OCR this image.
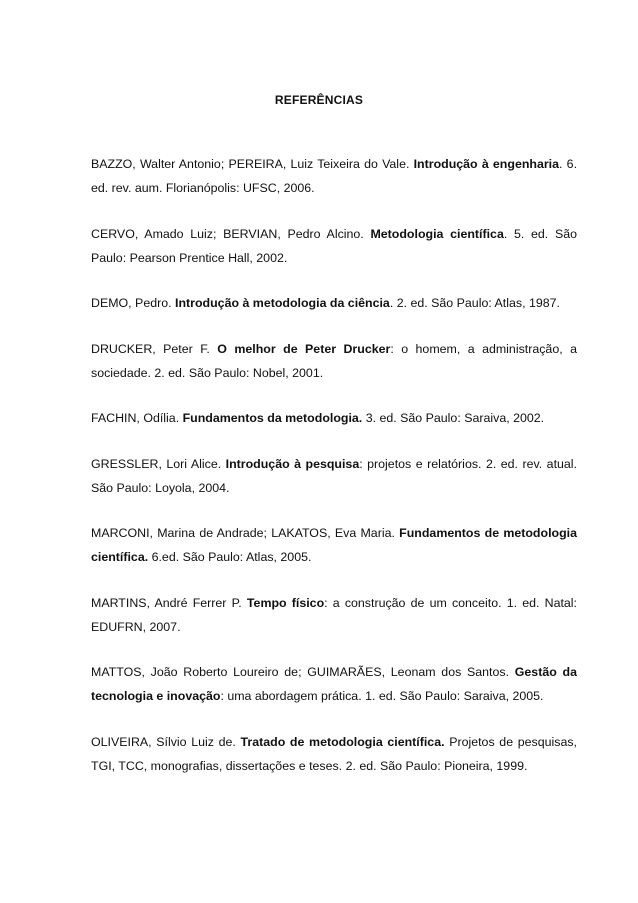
REFERÊNCIAS

BAZZO, Walter Antonio; PEREIRA, Luiz Teixeira do Vale. Introdução à engenharia. 6. ed. rev. aum. Florianópolis: UFSC, 2006.

CERVO, Amado Luiz; BERVIAN, Pedro Alcino. Metodologia científica. 5. ed. São Paulo: Pearson Prentice Hall, 2002.

DEMO, Pedro. Introdução à metodologia da ciência. 2. ed. São Paulo: Atlas, 1987.

DRUCKER, Peter F. O melhor de Peter Drucker: o homem, a administração, a sociedade. 2. ed. São Paulo: Nobel, 2001.

FACHIN, Odília. Fundamentos da metodologia. 3. ed. São Paulo: Saraiva, 2002.

GRESSLER, Lori Alice. Introdução à pesquisa: projetos e relatórios. 2. ed. rev. atual. São Paulo: Loyola, 2004.

MARCONI, Marina de Andrade; LAKATOS, Eva Maria. Fundamentos de metodologia científica. 6.ed. São Paulo: Atlas, 2005.

MARTINS, André Ferrer P. Tempo físico: a construção de um conceito. 1. ed. Natal: EDUFRN, 2007.

MATTOS, João Roberto Loureiro de; GUIMARÃES, Leonam dos Santos. Gestão da tecnologia e inovação: uma abordagem prática. 1. ed. São Paulo: Saraiva, 2005.

OLIVEIRA, Sílvio Luiz de. Tratado de metodologia científica. Projetos de pesquisas, TGI, TCC, monografias, dissertações e teses. 2. ed. São Paulo: Pioneira, 1999.
